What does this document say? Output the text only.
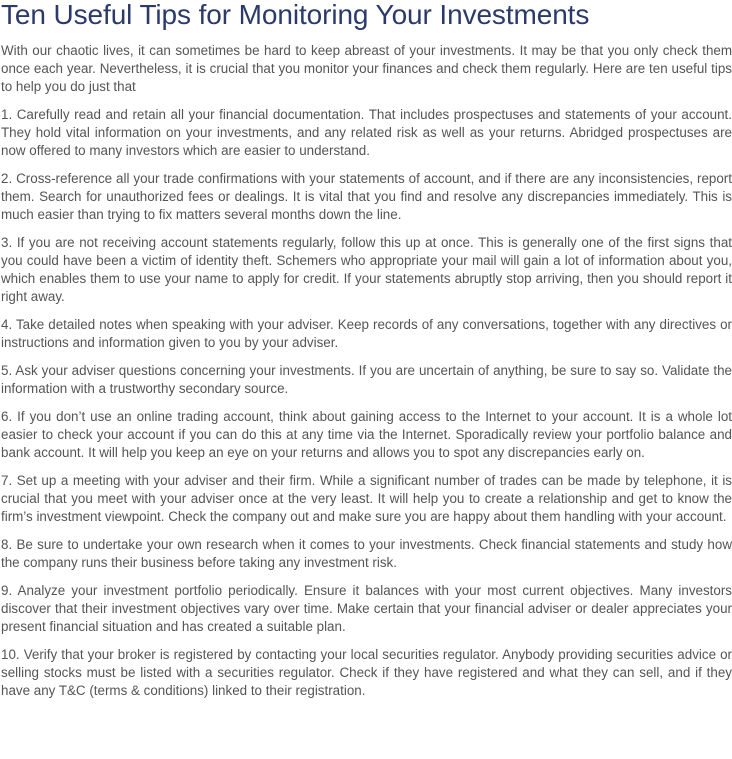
Ten Useful Tips for Monitoring Your Investments

With our chaotic lives, it can sometimes be hard to keep abreast of your investments. It may be that you only check them once each year. Nevertheless, it is crucial that you monitor your finances and check them regularly. Here are ten useful tips to help you do just that

1. Carefully read and retain all your financial documentation. That includes prospectuses and statements of your account. They hold vital information on your investments, and any related risk as well as your returns. Abridged prospectuses are now offered to many investors which are easier to understand.

2. Cross-reference all your trade confirmations with your statements of account, and if there are any inconsistencies, report them. Search for unauthorized fees or dealings. It is vital that you find and resolve any discrepancies immediately. This is much easier than trying to fix matters several months down the line.

3. If you are not receiving account statements regularly, follow this up at once. This is generally one of the first signs that you could have been a victim of identity theft. Schemers who appropriate your mail will gain a lot of information about you, which enables them to use your name to apply for credit. If your statements abruptly stop arriving, then you should report it right away.

4. Take detailed notes when speaking with your adviser. Keep records of any conversations, together with any directives or instructions and information given to you by your adviser.

5. Ask your adviser questions concerning your investments. If you are uncertain of anything, be sure to say so. Validate the information with a trustworthy secondary source.

6. If you don’t use an online trading account, think about gaining access to the Internet to your account. It is a whole lot easier to check your account if you can do this at any time via the Internet. Sporadically review your portfolio balance and bank account. It will help you keep an eye on your returns and allows you to spot any discrepancies early on.

7. Set up a meeting with your adviser and their firm. While a significant number of trades can be made by telephone, it is crucial that you meet with your adviser once at the very least. It will help you to create a relationship and get to know the firm’s investment viewpoint. Check the company out and make sure you are happy about them handling with your account.

8. Be sure to undertake your own research when it comes to your investments. Check financial statements and study how the company runs their business before taking any investment risk.

9. Analyze your investment portfolio periodically. Ensure it balances with your most current objectives. Many investors discover that their investment objectives vary over time. Make certain that your financial adviser or dealer appreciates your present financial situation and has created a suitable plan.

10. Verify that your broker is registered by contacting your local securities regulator. Anybody providing securities advice or selling stocks must be listed with a securities regulator. Check if they have registered and what they can sell, and if they have any T&C (terms & conditions) linked to their registration.
